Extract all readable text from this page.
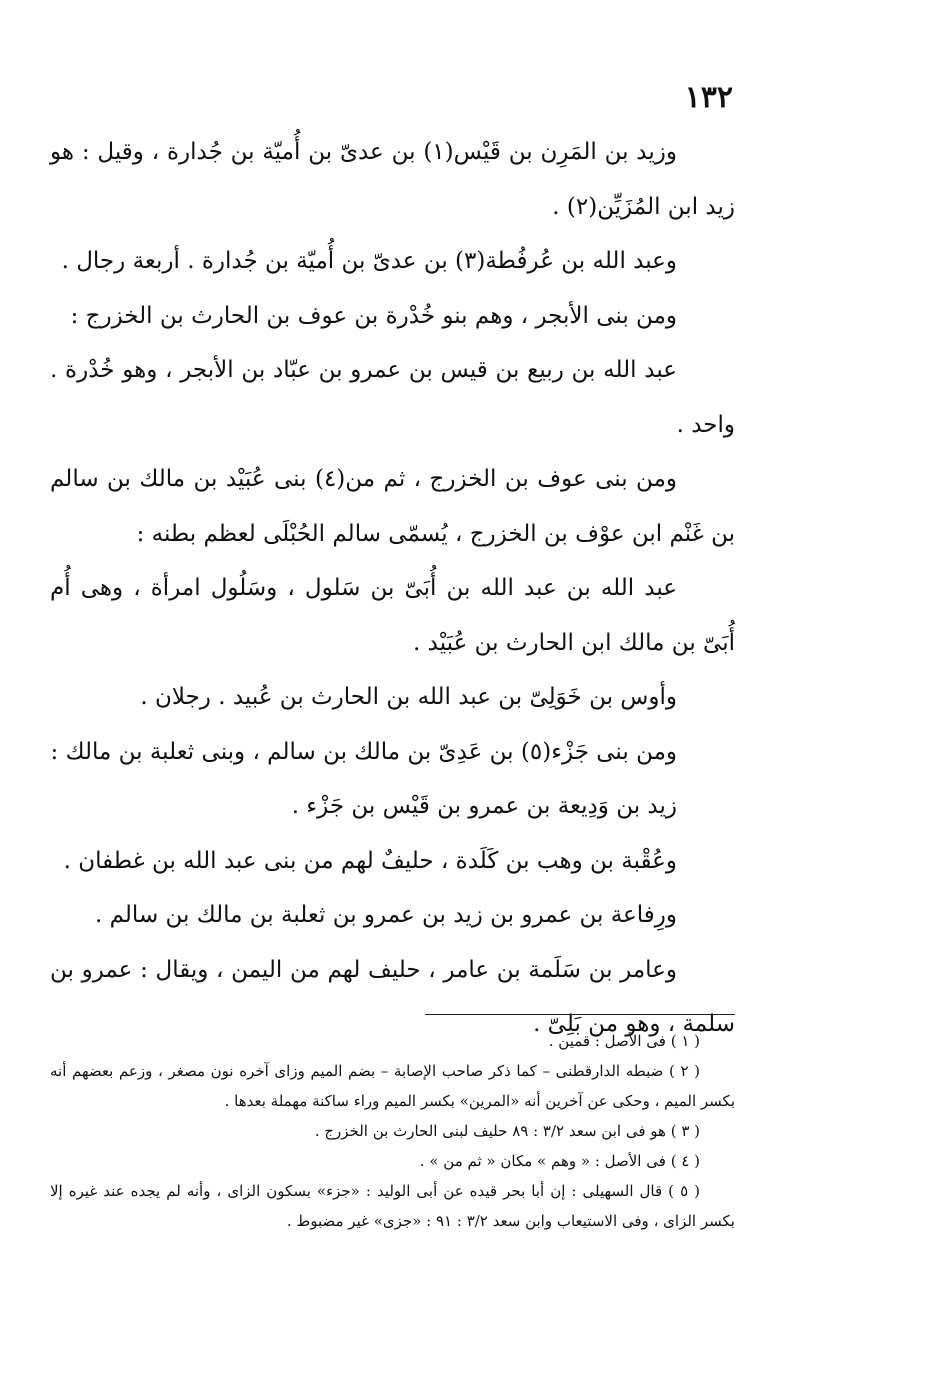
١٣٢

وزيد بن المَرِن بن قَيْس(١) بن عدىّ بن أُميّة بن جُدارة ، وقيل : هو زيد ابن المُزَيِّن(٢) .

وعبد الله بن عُرفُطة(٣) بن عدىّ بن أُميّة بن جُدارة . أربعة رجال .

ومن بنى الأبجر ، وهم بنو خُدْرة بن عوف بن الحارث بن الخزرج :

عبد الله بن ربيع بن قيس بن عمرو بن عبّاد بن الأبجر ، وهو خُدْرة . واحد .

ومن بنى عوف بن الخزرج ، ثم من(٤) بنى عُبَيْد بن مالك بن سالم بن غَنْم ابن عوْف بن الخزرج ، يُسمّى سالم الحُبْلَى لعظم بطنه :

عبد الله بن عبد الله بن أُبَىّ بن سَلول ، وسَلُول امرأة ، وهى أُم أُبَىّ بن مالك ابن الحارث بن عُبَيْد .

وأوس بن خَوَلِىّ بن عبد الله بن الحارث بن عُبيد . رجلان .

ومن بنى جَزْء(٥) بن عَدِىّ بن مالك بن سالم ، وبنى ثعلبة بن مالك :

زيد بن وَدِيعة بن عمرو بن قَيْس بن جَزْء .

وعُقْبة بن وهب بن كَلَدة ، حليفٌ لهم من بنى عبد الله بن غطفان .

ورِفاعة بن عمرو بن زيد بن عمرو بن ثعلبة بن مالك بن سالم .

وعامر بن سَلَمة بن عامر ، حليف لهم من اليمن ، ويقال : عمرو بن سلمة ، وهو من بَلِىّ .

( ١ ) فى الأصل : قمين .

( ٢ ) ضبطه الدارقطنى – كما ذكر صاحب الإصابة – بضم الميم وزاى آخره نون مصغر ، وزعم بعضهم أنه بكسر الميم ، وحكى عن آخرين أنه «المرين» بكسر الميم وراء ساكنة مهملة بعدها .

( ٣ ) هو فى ابن سعد ٣/٢ : ٨٩ حليف لبنى الحارث بن الخزرج .

( ٤ ) فى الأصل : « وهم » مكان « ثم من » .

( ٥ ) قال السهيلى : إن أبا بحر قيده عن أبى الوليد : «جزء» بسكون الزاى ، وأنه لم يجده عند غيره إلا بكسر الزاى ، وفى الاستيعاب وابن سعد ٣/٢ : ٩١ : «جزى» غير مضبوط .
